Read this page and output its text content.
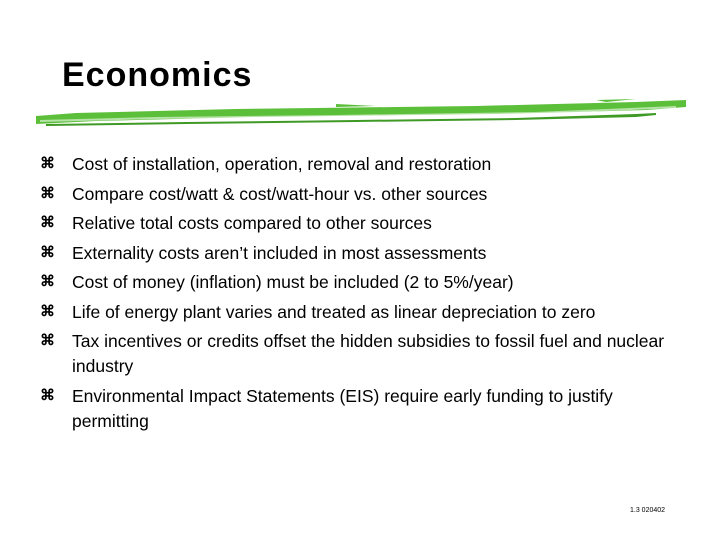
Economics
⌘ Cost of installation, operation, removal and restoration
⌘ Compare cost/watt & cost/watt-hour vs. other sources
⌘ Relative total costs compared to other sources
⌘ Externality costs aren’t included in most assessments
⌘ Cost of money (inflation) must be included (2 to 5%/year)
⌘ Life of energy plant varies and treated as linear depreciation to zero
⌘ Tax incentives or credits offset the hidden subsidies to fossil fuel and nuclear industry
⌘ Environmental Impact Statements (EIS) require early funding to justify permitting
1.3 020402
